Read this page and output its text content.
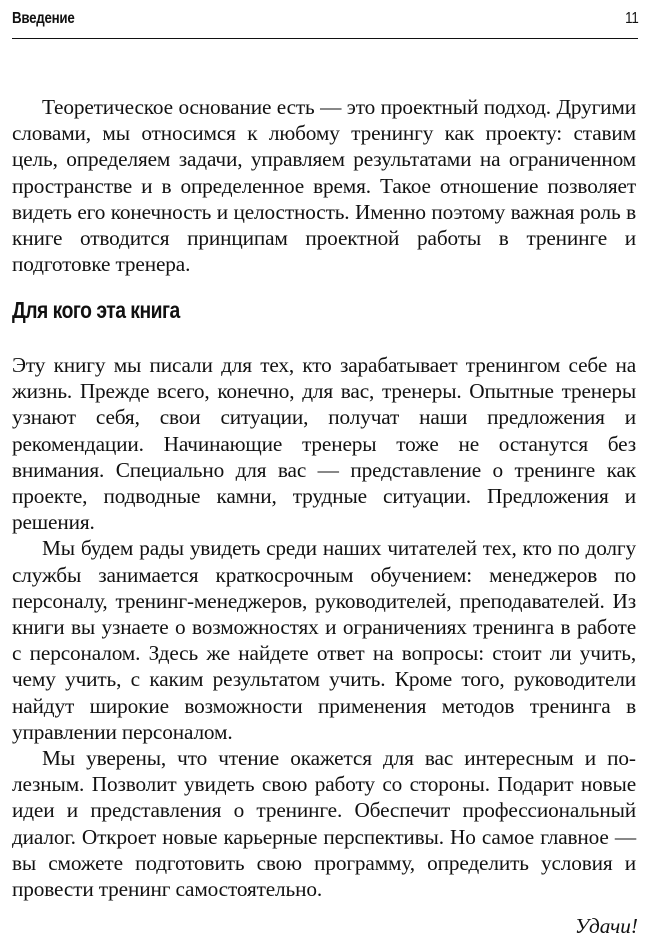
Введение	11

Теоретическое основание есть — это проектный подход. Другими словами, мы относимся к любому тренингу как проекту: ставим цель, определяем задачи, управляем результатами на ограниченном пространстве и в определенное время. Такое отношение позволяет видеть его конечность и целостность. Именно поэтому важная роль в книге отводится принципам проектной работы в тренинге и подготовке тренера.

Для кого эта книга

Эту книгу мы писали для тех, кто зарабатывает тренингом себе на жизнь. Прежде всего, конечно, для вас, тренеры. Опытные тренеры узнают себя, свои ситуации, получат наши предложения и рекомендации. Начинающие тренеры тоже не останутся без внимания. Специально для вас — представление о тренинге как проекте, подводные камни, трудные ситуации. Предложения и решения.

Мы будем рады увидеть среди наших читателей тех, кто по долгу службы занимается краткосрочным обучением: менеджеров по персоналу, тренинг-менеджеров, руководителей, преподавателей. Из книги вы узнаете о возможностях и ограничениях тренинга в работе с персоналом. Здесь же найдете ответ на вопросы: стоит ли учить, чему учить, с каким результатом учить. Кроме того, руководители найдут широкие возможности применения методов тренинга в управлении персоналом.

Мы уверены, что чтение окажется для вас интересным и полезным. Позволит увидеть свою работу со стороны. Подарит новые идеи и представления о тренинге. Обеспечит профессиональный диалог. Откроет новые карьерные перспективы. Но самое главное — вы сможете подготовить свою программу, определить условия и провести тренинг самостоятельно.

Удачи!
